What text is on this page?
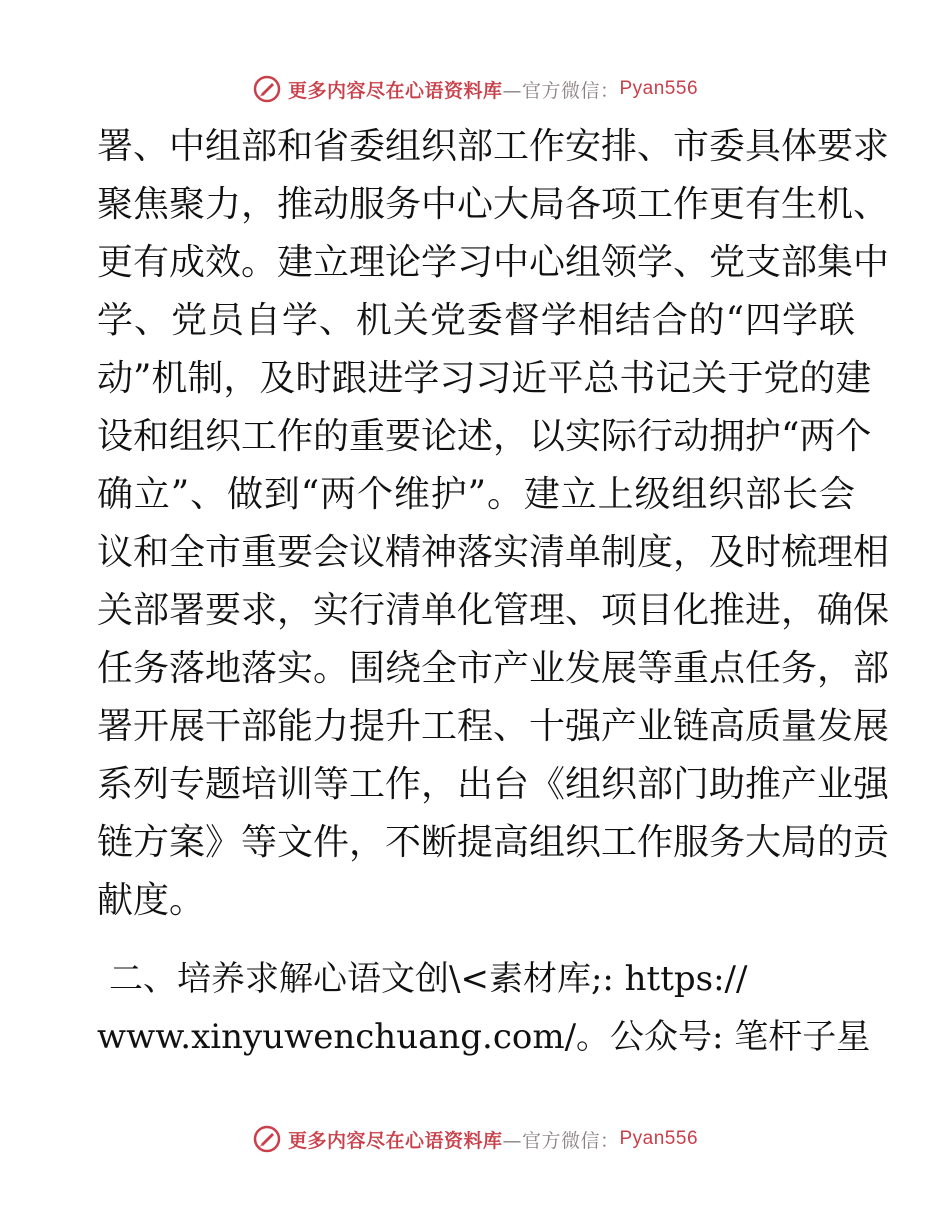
更多内容尽在心语资料库 —官方微信： Pyan556
署、中组部和省委组织部工作安排、市委具体要求
聚焦聚力，推动服务中心大局各项工作更有生机、
更有成效。建立理论学习中心组领学、党支部集中
学、党员自学、机关党委督学相结合的“四学联
动”机制，及时跟进学习习近平总书记关于党的建
设和组织工作的重要论述，以实际行动拥护“两个
确立”、做到“两个维护”。建立上级组织部长会
议和全市重要会议精神落实清单制度，及时梳理相
关部署要求，实行清单化管理、项目化推进，确保
任务落地落实。围绕全市产业发展等重点任务，部
署开展干部能力提升工程、十强产业链高质量发展
系列专题培训等工作，出台《组织部门助推产业强
链方案》等文件，不断提高组织工作服务大局的贡
献度。
二、培养求解心语文创\<素材库;: https://
www.xinyuwenchuang.com/。公众号: 笔杆子星
更多内容尽在心语资料库 —官方微信： Pyan556
